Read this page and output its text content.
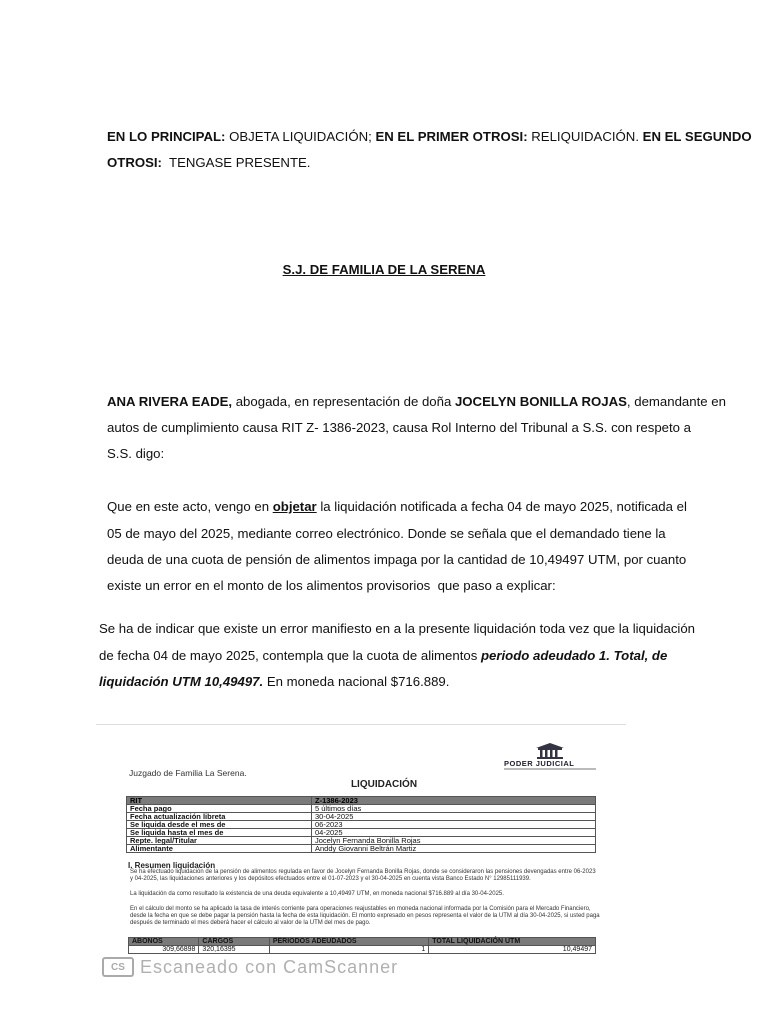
EN LO PRINCIPAL: OBJETA LIQUIDACIÓN; EN EL PRIMER OTROSI: RELIQUIDACIÓN. EN EL SEGUNDO
OTROSI:  TENGASE PRESENTE.
S.J. DE FAMILIA DE LA SERENA
ANA RIVERA EADE, abogada, en representación de doña JOCELYN BONILLA ROJAS, demandante en
autos de cumplimiento causa RIT Z- 1386-2023, causa Rol Interno del Tribunal a S.S. con respeto a
S.S. digo:
Que en este acto, vengo en objetar la liquidación notificada a fecha 04 de mayo 2025, notificada el
05 de mayo del 2025, mediante correo electrónico. Donde se señala que el demandado tiene la
deuda de una cuota de pensión de alimentos impaga por la cantidad de 10,49497 UTM, por cuanto
existe un error en el monto de los alimentos provisorios  que paso a explicar:
Se ha de indicar que existe un error manifiesto en a la presente liquidación toda vez que la liquidación
de fecha 04 de mayo 2025, contempla que la cuota de alimentos periodo adeudado 1. Total, de
liquidación UTM 10,49497. En moneda nacional $716.889.
PODER JUDICIAL
Juzgado de Familia La Serena.
LIQUIDACIÓN
RIT	Z-1386-2023
Fecha pago	5 últimos días
Fecha actualización libreta	30-04-2025
Se liquida desde el mes de	06-2023
Se liquida hasta el mes de	04-2025
Repte. legal/Titular	Jocelyn Fernanda Bonilla Rojas
Alimentante	Anddy Giovanni Beltrán Martiz
I. Resumen liquidación
Se ha efectuado liquidación de la pensión de alimentos regulada en favor de Jocelyn Fernanda Bonilla Rojas, donde se consideraron las pensiones devengadas entre 06-2023 y 04-2025, las liquidaciones anteriores y los depósitos efectuados entre el 01-07-2023 y el 30-04-2025 en cuenta vista Banco Estado N° 12985111939.
La liquidación da como resultado la existencia de una deuda equivalente a 10,49497 UTM, en moneda nacional $716.889 al día 30-04-2025.
En el cálculo del monto se ha aplicado la tasa de interés corriente para operaciones reajustables en moneda nacional informada por la Comisión para el Mercado Financiero, desde la fecha en que se debe pagar la pensión hasta la fecha de esta liquidación. El monto expresado en pesos representa el valor de la UTM al día 30-04-2025, si usted paga después de terminado el mes deberá hacer el cálculo al valor de la UTM del mes de pago.
ABONOS	CARGOS	PERIODOS ADEUDADOS	TOTAL LIQUIDACIÓN UTM
309,66898	320,16395	1	10,49497
CS Escaneado con CamScanner
